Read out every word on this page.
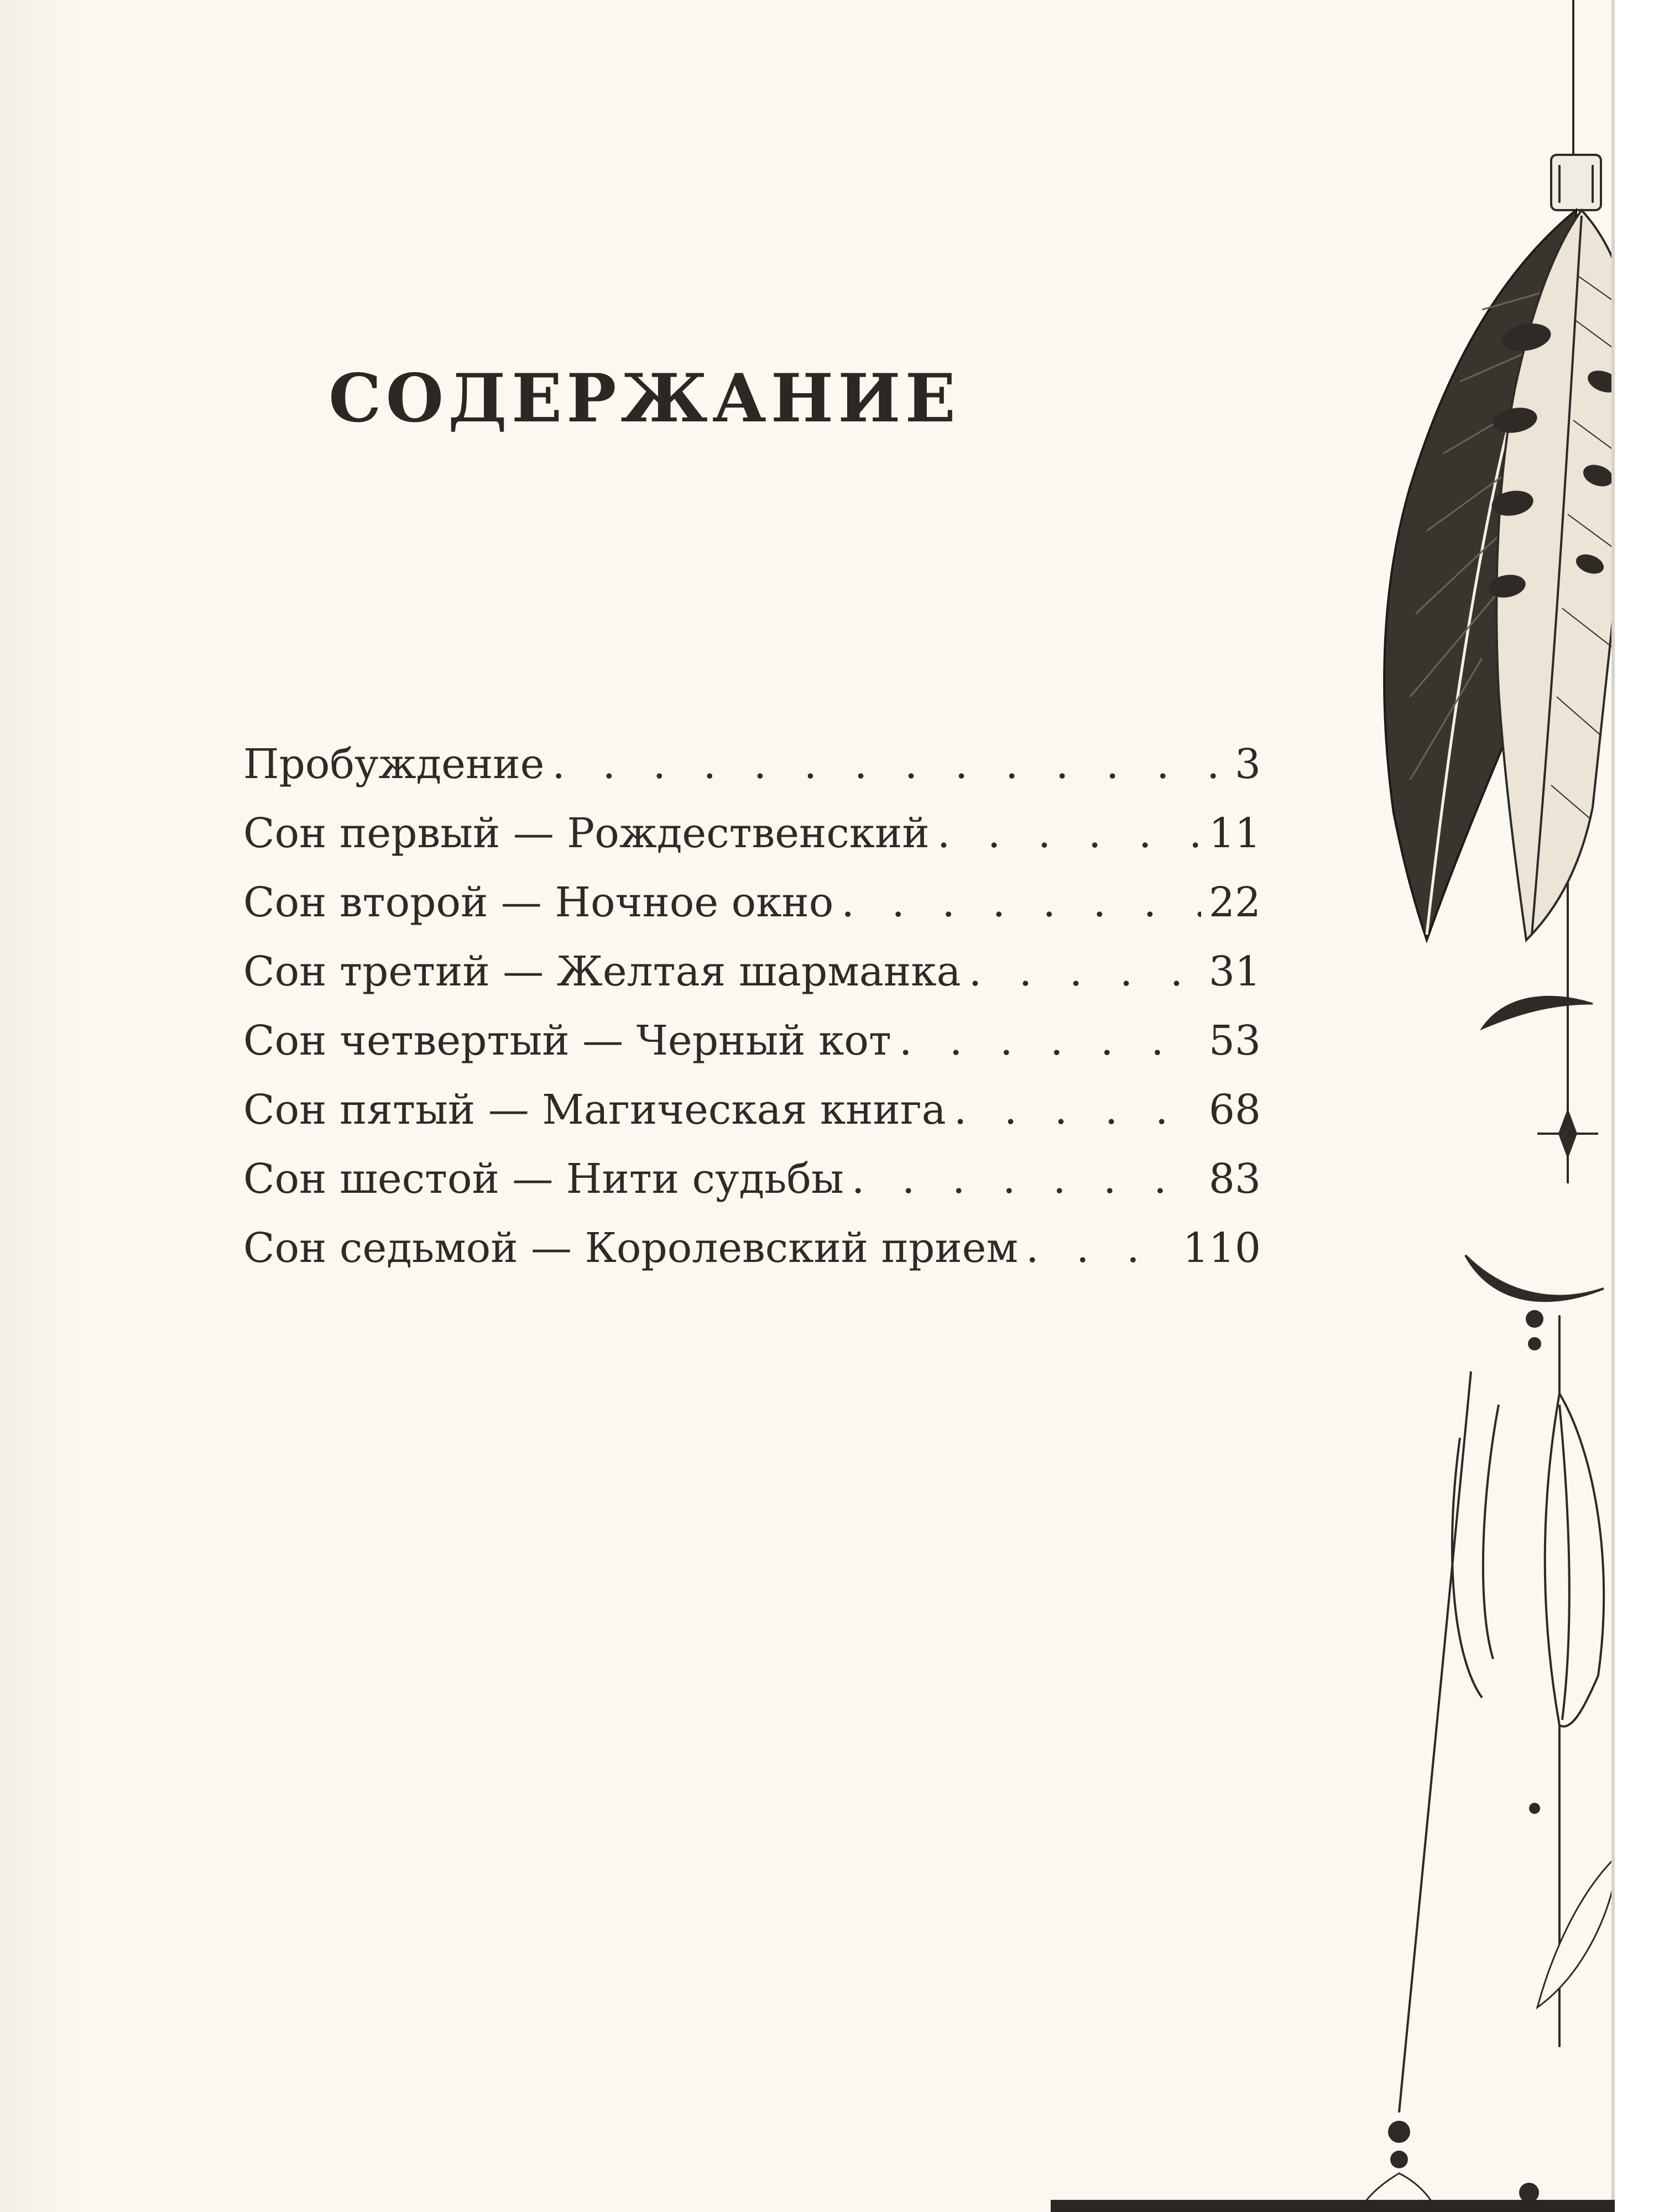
СОДЕРЖАНИЕ
Пробуждение . . .	3
Сон первый — Рождественский . . .	11
Сон второй — Ночное окно . . .	22
Сон третий — Желтая шарманка . . .	31
Сон четвертый — Черный кот . . .	53
Сон пятый — Магическая книга . . .	68
Сон шестой — Нити судьбы . . .	83
Сон седьмой — Королевский прием . . .	110
